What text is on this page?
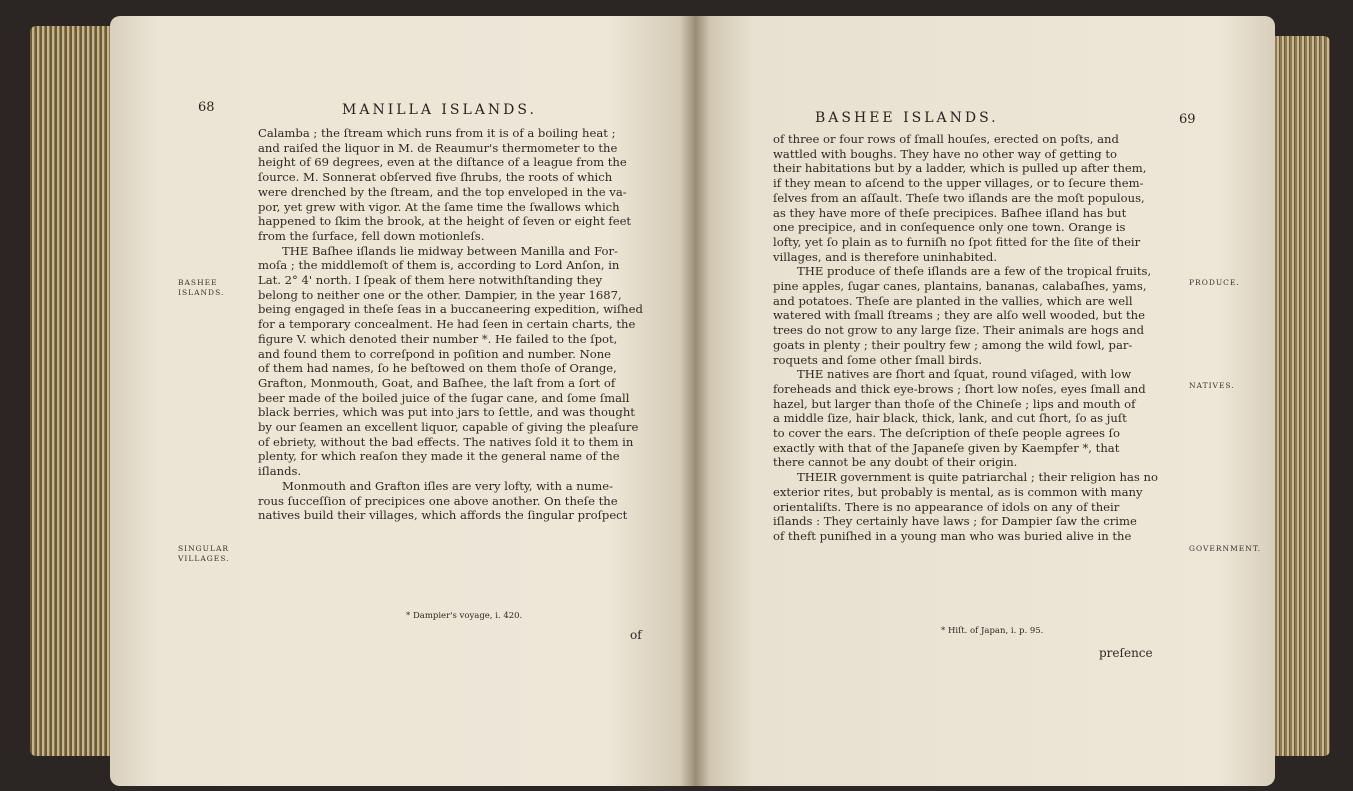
68	MANILLA ISLANDS.
BASHEE ISLANDS.
SINGULAR VILLAGES.

Calamba ; the ſtream which runs from it is of a boiling heat ;

and raiſed the liquor in M. de Reaumur's thermometer to the

height of 69 degrees, even at the diſtance of a league from the

ſource. M. Sonnerat obſerved five ſhrubs, the roots of which

were drenched by the ſtream, and the top enveloped in the va-

por, yet grew with vigor. At the ſame time the ſwallows which

happened to ſkim the brook, at the height of ſeven or eight feet

from the ſurface, fell down motionleſs.

THE Baſhee iſlands lie midway between Manilla and For-

moſa ; the middlemoſt of them is, according to Lord Anſon, in

Lat. 2° 4' north. I ſpeak of them here notwithſtanding they

belong to neither one or the other. Dampier, in the year 1687,

being engaged in theſe ſeas in a buccaneering expedition, wiſhed

for a temporary concealment. He had ſeen in certain charts, the

figure V. which denoted their number *. He failed to the ſpot,

and found them to correſpond in poſition and number. None

of them had names, ſo he beſtowed on them thoſe of Orange,

Grafton, Monmouth, Goat, and Baſhee, the laſt from a ſort of

beer made of the boiled juice of the ſugar cane, and ſome ſmall

black berries, which was put into jars to ſettle, and was thought

by our ſeamen an excellent liquor, capable of giving the pleaſure

of ebriety, without the bad effects. The natives ſold it to them in

plenty, for which reaſon they made it the general name of the

iſlands.

Monmouth and Grafton iſles are very lofty, with a nume-

rous ſucceſſion of precipices one above another. On theſe the

natives build their villages, which affords the ſingular proſpect

* Dampier's voyage, i. 420.
of
BASHEE ISLANDS.	69

of three or four rows of ſmall houſes, erected on poſts, and

wattled with boughs. They have no other way of getting to

their habitations but by a ladder, which is pulled up after them,

if they mean to aſcend to the upper villages, or to ſecure them-

ſelves from an aſſault. Theſe two iſlands are the moſt populous,

as they have more of theſe precipices. Baſhee iſland has but

one precipice, and in conſequence only one town. Orange is

lofty, yet ſo plain as to furniſh no ſpot fitted for the ſite of their

villages, and is therefore uninhabited.

THE produce of theſe iſlands are a few of the tropical fruits,

pine apples, ſugar canes, plantains, bananas, calabaſhes, yams,

and potatoes. Theſe are planted in the vallies, which are well

watered with ſmall ſtreams ; they are alſo well wooded, but the

trees do not grow to any large ſize. Their animals are hogs and

goats in plenty ; their poultry few ; among the wild fowl, par-

roquets and ſome other ſmall birds.

THE natives are ſhort and ſquat, round viſaged, with low

foreheads and thick eye-brows ; ſhort low noſes, eyes ſmall and

hazel, but larger than thoſe of the Chineſe ; lips and mouth of

a middle ſize, hair black, thick, lank, and cut ſhort, ſo as juſt

to cover the ears. The deſcription of theſe people agrees ſo

exactly with that of the Japaneſe given by Kaempfer *, that

there cannot be any doubt of their origin.

THEIR government is quite patriarchal ; their religion has no

exterior rites, but probably is mental, as is common with many

orientaliſts. There is no appearance of idols on any of their

iſlands : They certainly have laws ; for Dampier ſaw the crime

of theft puniſhed in a young man who was buried alive in the

PRODUCE.
NATIVES.
GOVERNMENT.
* Hiſt. of Japan, i. p. 95.
preſence
